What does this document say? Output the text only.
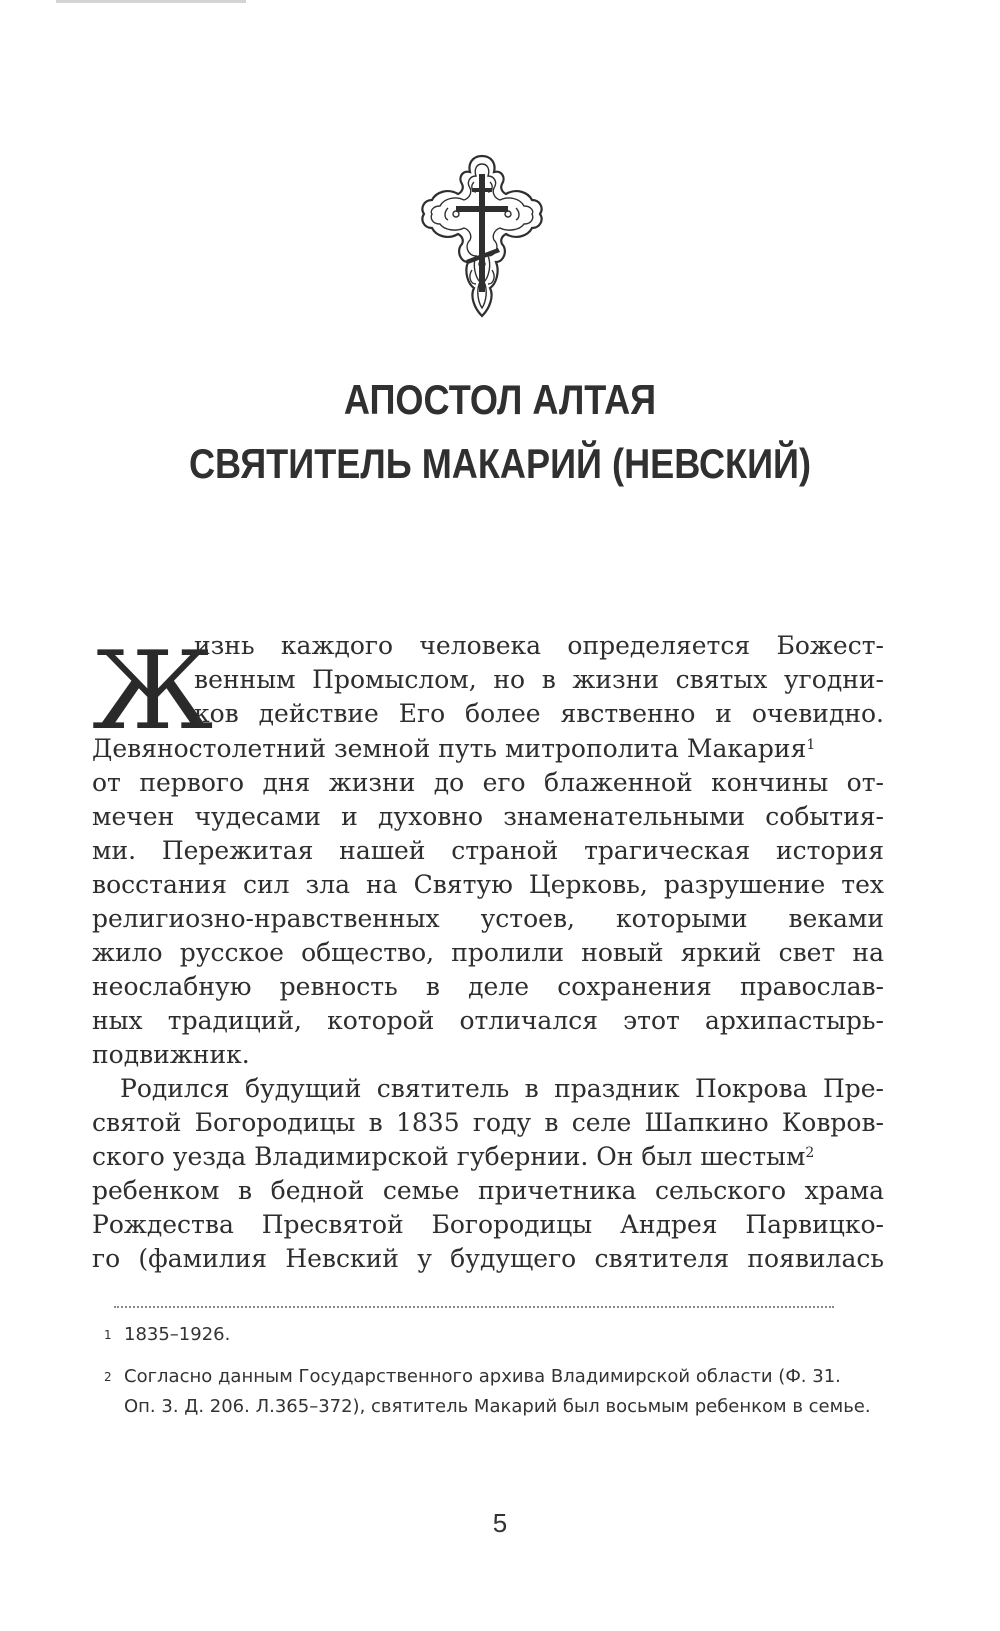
АПОСТОЛ АЛТАЯ
СВЯТИТЕЛЬ МАКАРИЙ (НЕВСКИЙ)
Ж
изнь каждого человека определяется Божест-
венным Промыслом, но в жизни святых угодни-
ков действие Его более явственно и очевидно.
Девяностолетний земной путь митрополита Макария$^1$
от первого дня жизни до его блаженной кончины от-
мечен чудесами и духовно знаменательными события-
ми. Пережитая нашей страной трагическая история
восстания сил зла на Святую Церковь, разрушение тех
религиозно-нравственных устоев, которыми веками
жило русское общество, пролили новый яркий свет на
неослабную ревность в деле сохранения православ-
ных традиций, которой отличался этот архипастырь-
подвижник.
Родился будущий святитель в праздник Покрова Пре-
святой Богородицы в 1835 году в селе Шапкино Ковров-
ского уезда Владимирской губернии. Он был шестым$^2$
ребенком в бедной семье причетника сельского храма
Рождества Пресвятой Богородицы Андрея Парвицко-
го (фамилия Невский у будущего святителя появилась
1 1835–1926.
2 Согласно данным Государственного архива Владимирской области (Ф. 31.
Оп. 3. Д. 206. Л.365–372), святитель Макарий был восьмым ребенком в семье.
5
